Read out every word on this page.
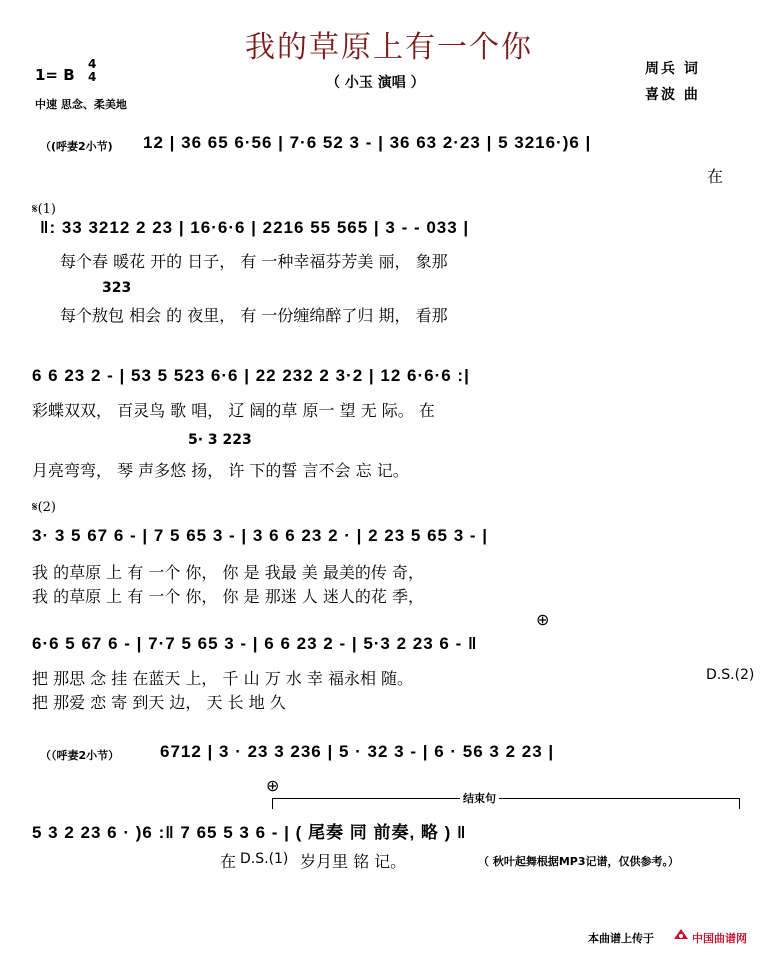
我的草原上有一个你
（ 小玉 演唱 ）
1= B
4
4
中速 思念、柔美地
周兵 词
喜波 曲
（(呼妻2小节) 12 | 36 65 6·56 | 7·6 52 3 - | 36 63 2·23 | 5 3216·)6 |
在
𝄋(1)
‖: 33 3212 2 23 | 16·6·6 | 2216 55 565 | 3 - - 033 |
每个春 暖花 开的 日子， 有 一种幸福芬芳美 丽， 象那
323
每个敖包 相会 的 夜里， 有 一份缠绵醉了归 期， 看那
6 6 23 2 - | 53 5 523 6·6 | 22 232 2 3·2 | 12 6·6·6 :|
彩蝶双双， 百灵鸟 歌 唱， 辽 阔的草 原一 望 无 际。 在
5· 3 223
月亮弯弯， 琴 声多悠 扬， 许 下的誓 言不会 忘 记。
𝄋(2)
3· 3 5 67 6 - | 7 5 65 3 - | 3 6 6 23 2 · | 2 23 5 65 3 - |
我 的草原 上 有 一个 你， 你 是 我最 美 最美的传 奇，
我 的草原 上 有 一个 你， 你 是 那迷 人 迷人的花 季，
⊕
6·6 5 67 6 - | 7·7 5 65 3 - | 6 6 23 2 - | 5·3 2 23 6 - ‖
把 那思 念 挂 在蓝天 上， 千 山 万 水 幸 福永相 随。	D.S.(2)
把 那爱 恋 寄 到天 边， 天 长 地 久
（（呼妻2小节） 6712 | 3 · 23 3 236 | 5 · 32 3 - | 6 · 56 3 2 23 |
⊕
结束句
5 3 2 23 6 · )6 :‖ 7 65 5 3 6 - | ( 尾奏 同 前奏, 略 ) ‖
在 D.S.(1) 岁月里 铭 记。	（ 秋叶起舞根据MP3记谱，仅供参考。）
本曲谱上传于	中国曲谱网
